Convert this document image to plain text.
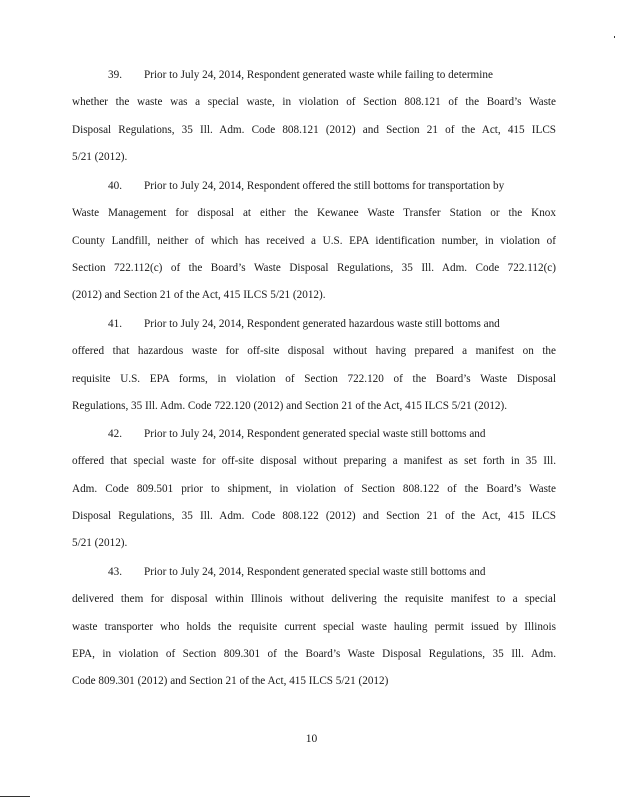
39. Prior to July 24, 2014, Respondent generated waste while failing to determine
whether the waste was a special waste, in violation of Section 808.121 of the Board’s Waste
Disposal Regulations, 35 Ill. Adm. Code 808.121 (2012) and Section 21 of the Act, 415 ILCS
5/21 (2012).
40. Prior to July 24, 2014, Respondent offered the still bottoms for transportation by
Waste Management for disposal at either the Kewanee Waste Transfer Station or the Knox
County Landfill, neither of which has received a U.S. EPA identification number, in violation of
Section 722.112(c) of the Board’s Waste Disposal Regulations, 35 Ill. Adm. Code 722.112(c)
(2012) and Section 21 of the Act, 415 ILCS 5/21 (2012).
41. Prior to July 24, 2014, Respondent generated hazardous waste still bottoms and
offered that hazardous waste for off-site disposal without having prepared a manifest on the
requisite U.S. EPA forms, in violation of Section 722.120 of the Board’s Waste Disposal
Regulations, 35 Ill. Adm. Code 722.120 (2012) and Section 21 of the Act, 415 ILCS 5/21 (2012).
42. Prior to July 24, 2014, Respondent generated special waste still bottoms and
offered that special waste for off-site disposal without preparing a manifest as set forth in 35 Ill.
Adm. Code 809.501 prior to shipment, in violation of Section 808.122 of the Board’s Waste
Disposal Regulations, 35 Ill. Adm. Code 808.122 (2012) and Section 21 of the Act, 415 ILCS
5/21 (2012).
43. Prior to July 24, 2014, Respondent generated special waste still bottoms and
delivered them for disposal within Illinois without delivering the requisite manifest to a special
waste transporter who holds the requisite current special waste hauling permit issued by Illinois
EPA, in violation of Section 809.301 of the Board’s Waste Disposal Regulations, 35 Ill. Adm.
Code 809.301 (2012) and Section 21 of the Act, 415 ILCS 5/21 (2012)
10
